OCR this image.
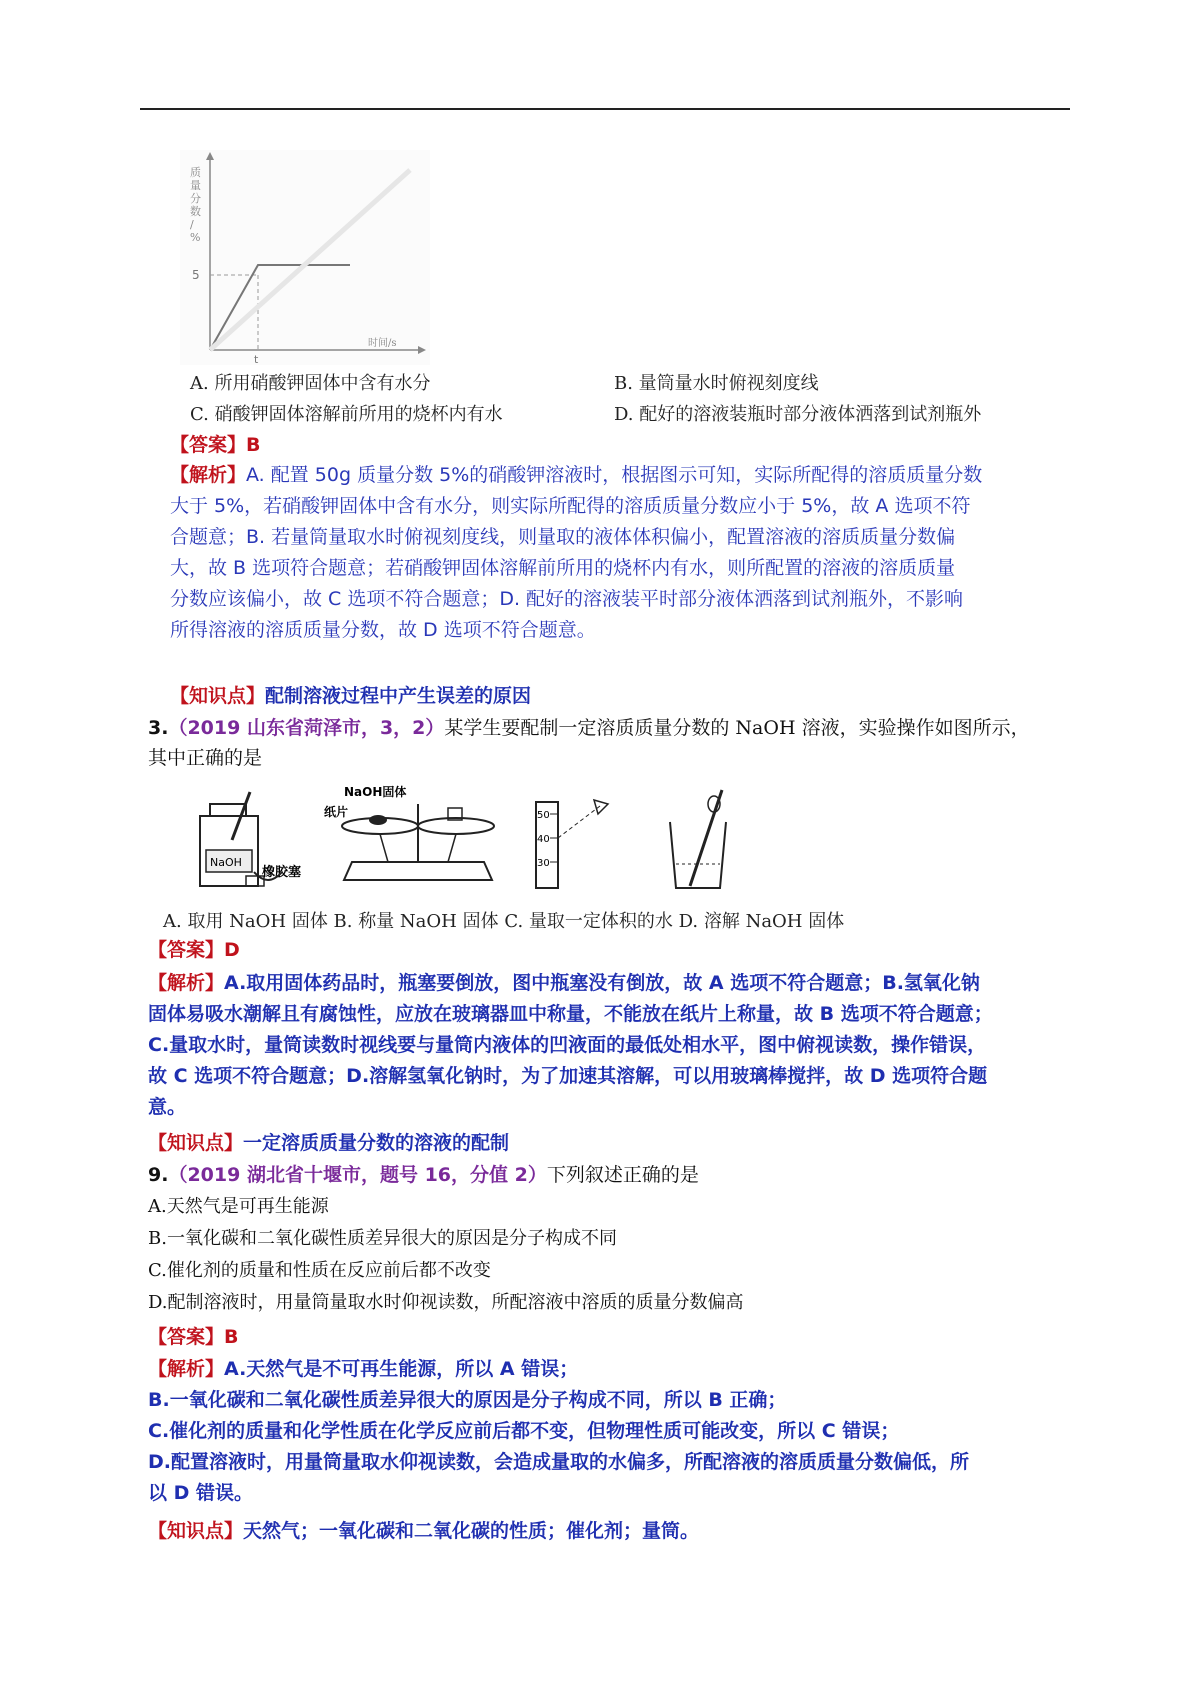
质量分数/ %
5
t
时间/s
A. 所用硝酸钾固体中含有水分	B. 量筒量水时俯视刻度线
C. 硝酸钾固体溶解前所用的烧杯内有水	D. 配好的溶液装瓶时部分液体洒落到试剂瓶外
【答案】B
【解析】A. 配置 50g 质量分数 5%的硝酸钾溶液时，根据图示可知，实际所配得的溶质质量分数
大于 5%，若硝酸钾固体中含有水分，则实际所配得的溶质质量分数应小于 5%，故 A 选项不符
合题意；B. 若量筒量取水时俯视刻度线，则量取的液体体积偏小，配置溶液的溶质质量分数偏
大，故 B 选项符合题意；若硝酸钾固体溶解前所用的烧杯内有水，则所配置的溶液的溶质质量
分数应该偏小，故 C 选项不符合题意；D. 配好的溶液装平时部分液体洒落到试剂瓶外，不影响
所得溶液的溶质质量分数，故 D 选项不符合题意。
【知识点】配制溶液过程中产生误差的原因
3.（2019 山东省菏泽市，3，2）某学生要配制一定溶质质量分数的 NaOH 溶液，实验操作如图所示，
其中正确的是
NaOH
橡胶塞
NaOH固体
纸片	50
40
30
A. 取用 NaOH 固体 B. 称量 NaOH 固体 C. 量取一定体积的水 D. 溶解 NaOH 固体
【答案】D
【解析】A.取用固体药品时，瓶塞要倒放，图中瓶塞没有倒放，故 A 选项不符合题意；B.氢氧化钠
固体易吸水潮解且有腐蚀性，应放在玻璃器皿中称量，不能放在纸片上称量，故 B 选项不符合题意；
C.量取水时，量筒读数时视线要与量筒内液体的凹液面的最低处相水平，图中俯视读数，操作错误，
故 C 选项不符合题意；D.溶解氢氧化钠时，为了加速其溶解，可以用玻璃棒搅拌，故 D 选项符合题
意。
【知识点】一定溶质质量分数的溶液的配制
9.（2019 湖北省十堰市，题号 16，分值 2）下列叙述正确的是
A.天然气是可再生能源
B.一氧化碳和二氧化碳性质差异很大的原因是分子构成不同
C.催化剂的质量和性质在反应前后都不改变
D.配制溶液时，用量筒量取水时仰视读数，所配溶液中溶质的质量分数偏高
【答案】B
【解析】A.天然气是不可再生能源，所以 A 错误；
B.一氧化碳和二氧化碳性质差异很大的原因是分子构成不同，所以 B 正确；
C.催化剂的质量和化学性质在化学反应前后都不变，但物理性质可能改变，所以 C 错误；
D.配置溶液时，用量筒量取水仰视读数，会造成量取的水偏多，所配溶液的溶质质量分数偏低，所
以 D 错误。
【知识点】天然气；一氧化碳和二氧化碳的性质；催化剂；量筒。
